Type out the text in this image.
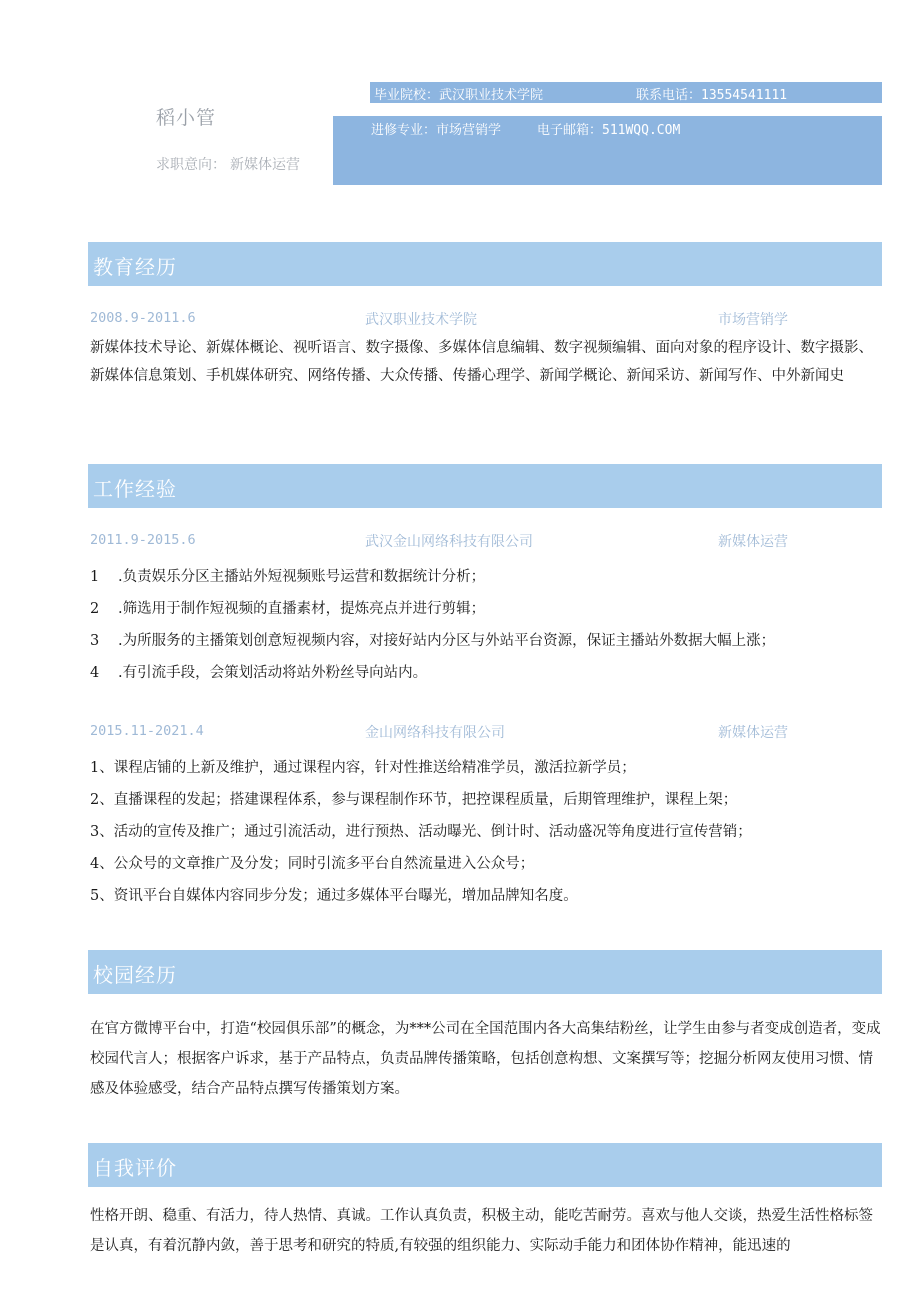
稻小管
求职意向： 新媒体运营
毕业院校：武汉职业技术学院	联系电话：13554541111
进修专业：市场营销学	电子邮箱：511WQQ.COM
教育经历
2008.9-2011.6	武汉职业技术学院	市场营销学
新媒体技术导论、新媒体概论、视听语言、数字摄像、多媒体信息编辑、数字视频编辑、面向对象的程序设计、数字摄影、新媒体信息策划、手机媒体研究、网络传播、大众传播、传播心理学、新闻学概论、新闻采访、新闻写作、中外新闻史
工作经验
2011.9-2015.6	武汉金山网络科技有限公司	新媒体运营
1 .负责娱乐分区主播站外短视频账号运营和数据统计分析；
2 .筛选用于制作短视频的直播素材，提炼亮点并进行剪辑；
3 .为所服务的主播策划创意短视频内容，对接好站内分区与外站平台资源，保证主播站外数据大幅上涨；
4 .有引流手段，会策划活动将站外粉丝导向站内。
2015.11-2021.4	金山网络科技有限公司	新媒体运营
1、课程店铺的上新及维护，通过课程内容，针对性推送给精准学员，激活拉新学员；
2、直播课程的发起；搭建课程体系，参与课程制作环节，把控课程质量，后期管理维护，课程上架；
3、活动的宣传及推广；通过引流活动，进行预热、活动曝光、倒计时、活动盛况等角度进行宣传营销；
4、公众号的文章推广及分发；同时引流多平台自然流量进入公众号；
5、资讯平台自媒体内容同步分发；通过多媒体平台曝光，增加品牌知名度。
校园经历
在官方微博平台中，打造“校园俱乐部”的概念，为***公司在全国范围内各大高集结粉丝，让学生由参与者变成创造者，变成校园代言人；根据客户诉求，基于产品特点，负责品牌传播策略，包括创意构想、文案撰写等；挖掘分析网友使用习惯、情感及体验感受，结合产品特点撰写传播策划方案。
自我评价
性格开朗、稳重、有活力，待人热情、真诚。工作认真负责，积极主动，能吃苦耐劳。喜欢与他人交谈，热爱生活性格标签是认真，有着沉静内敛，善于思考和研究的特质,有较强的组织能力、实际动手能力和团体协作精神，能迅速的
